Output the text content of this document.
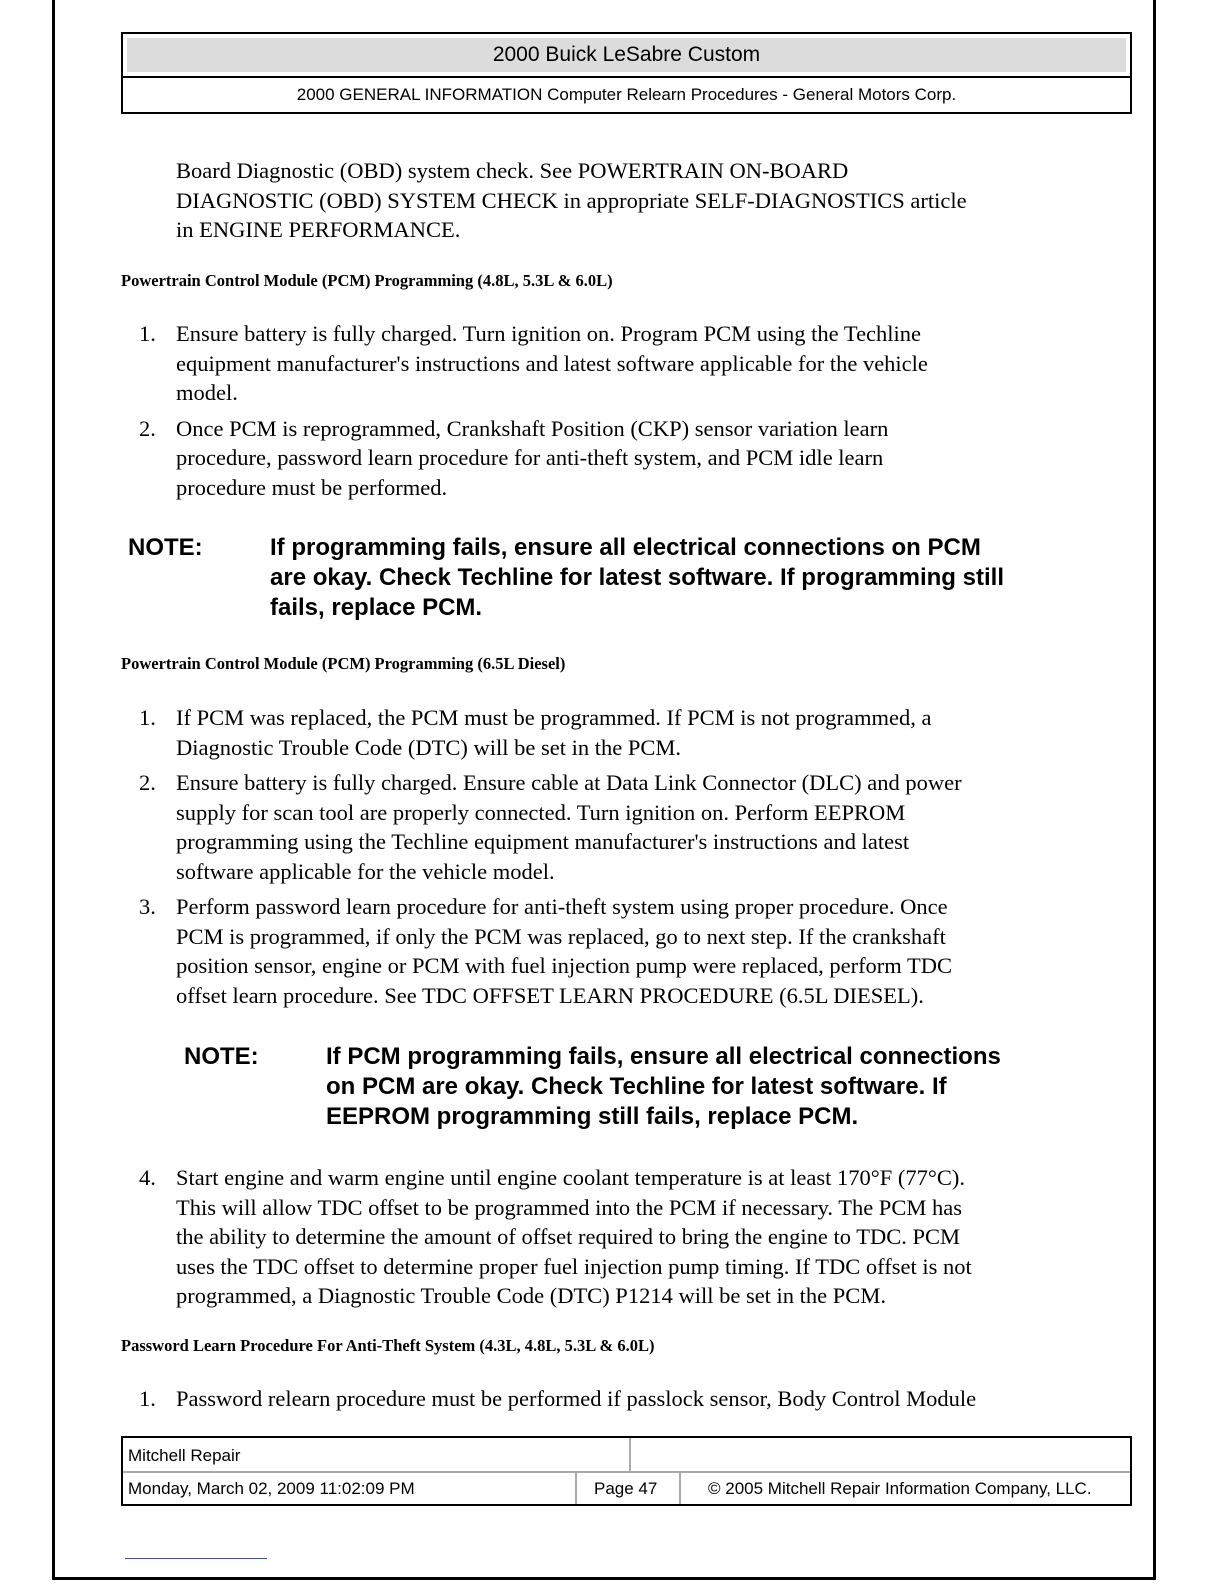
2000 Buick LeSabre Custom
2000 GENERAL INFORMATION Computer Relearn Procedures - General Motors Corp.
Board Diagnostic (OBD) system check. See POWERTRAIN ON-BOARD
DIAGNOSTIC (OBD) SYSTEM CHECK in appropriate SELF-DIAGNOSTICS article
in ENGINE PERFORMANCE.
Powertrain Control Module (PCM) Programming (4.8L, 5.3L & 6.0L)
1. Ensure battery is fully charged. Turn ignition on. Program PCM using the Techline
equipment manufacturer's instructions and latest software applicable for the vehicle
model.
2. Once PCM is reprogrammed, Crankshaft Position (CKP) sensor variation learn
procedure, password learn procedure for anti-theft system, and PCM idle learn
procedure must be performed.
NOTE:	If programming fails, ensure all electrical connections on PCM
are okay. Check Techline for latest software. If programming still
fails, replace PCM.
Powertrain Control Module (PCM) Programming (6.5L Diesel)
1. If PCM was replaced, the PCM must be programmed. If PCM is not programmed, a
Diagnostic Trouble Code (DTC) will be set in the PCM.
2. Ensure battery is fully charged. Ensure cable at Data Link Connector (DLC) and power
supply for scan tool are properly connected. Turn ignition on. Perform EEPROM
programming using the Techline equipment manufacturer's instructions and latest
software applicable for the vehicle model.
3. Perform password learn procedure for anti-theft system using proper procedure. Once
PCM is programmed, if only the PCM was replaced, go to next step. If the crankshaft
position sensor, engine or PCM with fuel injection pump were replaced, perform TDC
offset learn procedure. See TDC OFFSET LEARN PROCEDURE (6.5L DIESEL).
NOTE:	If PCM programming fails, ensure all electrical connections
on PCM are okay. Check Techline for latest software. If
EEPROM programming still fails, replace PCM.
4. Start engine and warm engine until engine coolant temperature is at least 170°F (77°C).
This will allow TDC offset to be programmed into the PCM if necessary. The PCM has
the ability to determine the amount of offset required to bring the engine to TDC. PCM
uses the TDC offset to determine proper fuel injection pump timing. If TDC offset is not
programmed, a Diagnostic Trouble Code (DTC) P1214 will be set in the PCM.
Password Learn Procedure For Anti-Theft System (4.3L, 4.8L, 5.3L & 6.0L)
1. Password relearn procedure must be performed if passlock sensor, Body Control Module
Mitchell Repair
Monday, March 02, 2009 11:02:09 PM	Page 47	© 2005 Mitchell Repair Information Company, LLC.
